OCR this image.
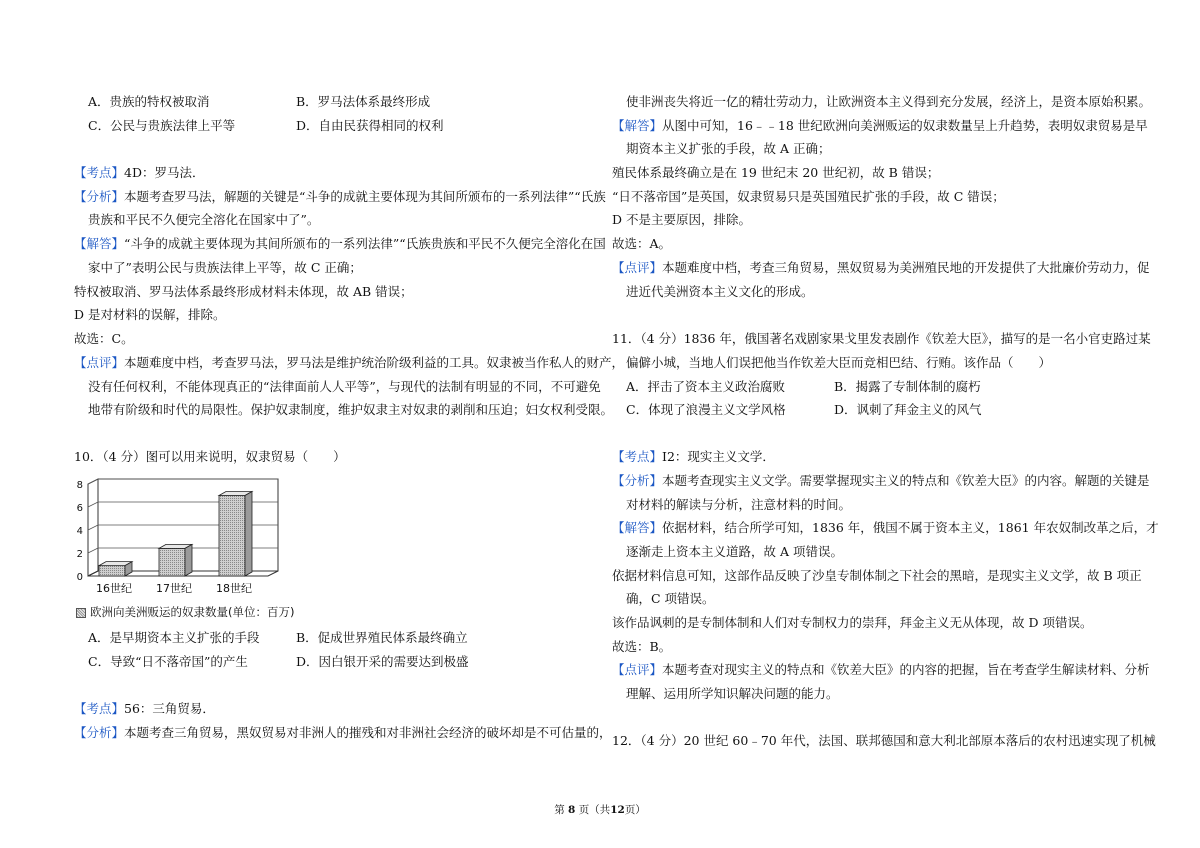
A．贵族的特权被取消	B．罗马法体系最终形成
C．公民与贵族法律上平等	D．自由民获得相同的权利
【考点】4D：罗马法．
【分析】本题考查罗马法，解题的关键是“斗争的成就主要体现为其间所颁布的一系列法律”“氏族
贵族和平民不久便完全溶化在国家中了”。
【解答】“斗争的成就主要体现为其间所颁布的一系列法律”“氏族贵族和平民不久便完全溶化在国
家中了”表明公民与贵族法律上平等，故 C 正确；
特权被取消、罗马法体系最终形成材料未体现，故 AB 错误；
D 是对材料的误解，排除。
故选：C。
【点评】本题难度中档，考查罗马法，罗马法是维护统治阶级利益的工具。奴隶被当作私人的财产，
没有任何权利，不能体现真正的“法律面前人人平等”，与现代的法制有明显的不同，不可避免
地带有阶级和时代的局限性。保护奴隶制度，维护奴隶主对奴隶的剥削和压迫；妇女权利受限。
10．（4 分）图可以用来说明，奴隶贸易（　　）
0
2
4
6
8
16世纪 17世纪 18世纪
欧洲向美洲贩运的奴隶数量(单位：百万)
A．是早期资本主义扩张的手段	B．促成世界殖民体系最终确立
C．导致“日不落帝国”的产生	D．因白银开采的需要达到极盛
【考点】56：三角贸易．
【分析】本题考查三角贸易，黑奴贸易对非洲人的摧残和对非洲社会经济的破坏却是不可估量的，
使非洲丧失将近一亿的精壮劳动力，让欧洲资本主义得到充分发展，经济上，是资本原始积累。
【解答】从图中可知，16﹣﹣18 世纪欧洲向美洲贩运的奴隶数量呈上升趋势，表明奴隶贸易是早
期资本主义扩张的手段，故 A 正确；
殖民体系最终确立是在 19 世纪末 20 世纪初，故 B 错误；
“日不落帝国”是英国，奴隶贸易只是英国殖民扩张的手段，故 C 错误；
D 不是主要原因，排除。
故选：A。
【点评】本题难度中档，考查三角贸易，黑奴贸易为美洲殖民地的开发提供了大批廉价劳动力，促
进近代美洲资本主义文化的形成。
11．（4 分）1836 年，俄国著名戏剧家果戈里发表剧作《钦差大臣》，描写的是一名小官吏路过某
偏僻小城，当地人们误把他当作钦差大臣而竞相巴结、行贿。该作品（　　）
A．抨击了资本主义政治腐败	B．揭露了专制体制的腐朽
C．体现了浪漫主义文学风格	D．讽刺了拜金主义的风气
【考点】I2：现实主义文学．
【分析】本题考查现实主义文学。需要掌握现实主义的特点和《钦差大臣》的内容。解题的关键是
对材料的解读与分析，注意材料的时间。
【解答】依据材料，结合所学可知，1836 年，俄国不属于资本主义，1861 年农奴制改革之后，才
逐渐走上资本主义道路，故 A 项错误。
依据材料信息可知，这部作品反映了沙皇专制体制之下社会的黑暗，是现实主义文学，故 B 项正
确，C 项错误。
该作品讽刺的是专制体制和人们对专制权力的崇拜，拜金主义无从体现，故 D 项错误。
故选：B。
【点评】本题考查对现实主义的特点和《钦差大臣》的内容的把握，旨在考查学生解读材料、分析
理解、运用所学知识解决问题的能力。
12．（4 分）20 世纪 60﹣70 年代，法国、联邦德国和意大利北部原本落后的农村迅速实现了机械
第 8 页（共12页）
